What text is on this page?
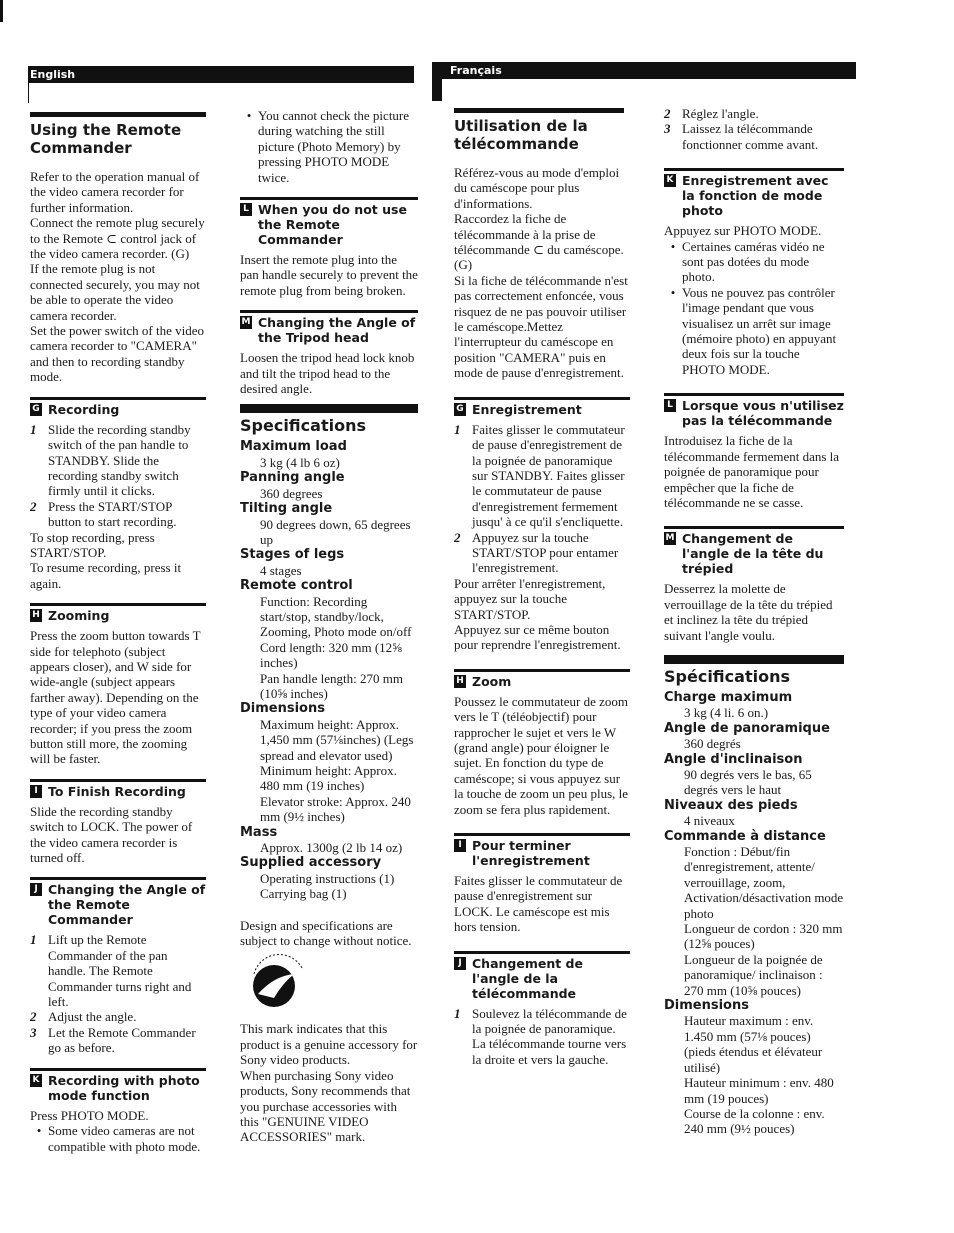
English	Français
Using the Remote Commander

Refer to the operation manual of the video camera recorder for further information.

Connect the remote plug securely to the Remote ⊂ control jack of the video camera recorder. (G)

If the remote plug is not connected securely, you may not be able to operate the video camera recorder.

Set the power switch of the video camera recorder to "CAMERA" and then to recording standby mode.

G Recording
1 Slide the recording standby switch of the pan handle to STANDBY. Slide the recording standby switch firmly until it clicks.

2 Press the START/STOP button to start recording.

To stop recording, press START/STOP.

To resume recording, press it again.

H Zooming

Press the zoom button towards T side for telephoto (subject appears closer), and W side for wide-angle (subject appears farther away). Depending on the type of your video camera recorder; if you press the zoom button still more, the zooming will be faster.

I To Finish Recording

Slide the recording standby switch to LOCK. The power of the video camera recorder is turned off.

J Changing the Angle of the Remote Commander
1 Lift up the Remote Commander of the pan handle. The Remote Commander turns right and left.

2 Adjust the angle.

3 Let the Remote Commander go as before.

K Recording with photo mode function

Press PHOTO MODE.

• Some video cameras are not compatible with photo mode.

• You cannot check the picture during watching the still picture (Photo Memory) by pressing PHOTO MODE twice.

L When you do not use the Remote Commander

Insert the remote plug into the pan handle securely to prevent the remote plug from being broken.

M Changing the Angle of the Tripod head

Loosen the tripod head lock knob and tilt the tripod head to the desired angle.

Specifications

Maximum load

3 kg (4 lb 6 oz)

Panning angle

360 degrees

Tilting angle

90 degrees down, 65 degrees up

Stages of legs

4 stages

Remote control

Function: Recording start/stop, standby/lock, Zooming, Photo mode on/off

Cord length: 320 mm (12⅝ inches)

Pan handle length: 270 mm (10⅝ inches)

Dimensions

Maximum height: Approx. 1,450 mm (57⅛inches) (Legs spread and elevator used)

Minimum height: Approx. 480 mm (19 inches)

Elevator stroke: Approx. 240 mm (9½ inches)

Mass

Approx. 1300g (2 lb 14 oz)

Supplied accessory

Operating instructions (1)

Carrying bag (1)

Design and specifications are subject to change without notice.

This mark indicates that this product is a genuine accessory for Sony video products.

When purchasing Sony video products, Sony recommends that you purchase accessories with this "GENUINE VIDEO ACCESSORIES" mark.

Utilisation de la télécommande

Référez-vous au mode d'emploi du caméscope pour plus d'informations.

Raccordez la fiche de télécommande à la prise de télécommande ⊂ du caméscope. (G)

Si la fiche de télécommande n'est pas correctement enfoncée, vous risquez de ne pas pouvoir utiliser le caméscope.Mettez l'interrupteur du caméscope en position "CAMERA" puis en mode de pause d'enregistrement.

G Enregistrement
1 Faites glisser le commutateur de pause d'enregistrement de la poignée de panoramique sur STANDBY. Faites glisser le commutateur de pause d'enregistrement fermement jusqu' à ce qu'il s'encliquette.

2 Appuyez sur la touche START/STOP pour entamer l'enregistrement.

Pour arrêter l'enregistrement, appuyez sur la touche START/STOP.

Appuyez sur ce même bouton pour reprendre l'enregistrement.

H Zoom

Poussez le commutateur de zoom vers le T (téléobjectif) pour rapprocher le sujet et vers le W (grand angle) pour éloigner le sujet. En fonction du type de caméscope; si vous appuyez sur la touche de zoom un peu plus, le zoom se fera plus rapidement.

I Pour terminer l'enregistrement

Faites glisser le commutateur de pause d'enregistrement sur LOCK. Le caméscope est mis hors tension.

J Changement de l'angle de la télécommande
1 Soulevez la télécommande de la poignée de panoramique. La télécommande tourne vers la droite et vers la gauche.

2 Réglez l'angle.

3 Laissez la télécommande fonctionner comme avant.

K Enregistrement avec la fonction de mode photo

Appuyez sur PHOTO MODE.

• Certaines caméras vidéo ne sont pas dotées du mode photo.

• Vous ne pouvez pas contrôler l'image pendant que vous visualisez un arrêt sur image (mémoire photo) en appuyant deux fois sur la touche PHOTO MODE.

L Lorsque vous n'utilisez pas la télécommande

Introduisez la fiche de la télécommande fermement dans la poignée de panoramique pour empêcher que la fiche de télécommande ne se casse.

M Changement de l'angle de la tête du trépied

Desserrez la molette de verrouillage de la tête du trépied et inclinez la tête du trépied suivant l'angle voulu.

Spécifications

Charge maximum

3 kg (4 li. 6 on.)

Angle de panoramique

360 degrés

Angle d'inclinaison

90 degrés vers le bas, 65 degrés vers le haut

Niveaux des pieds

4 niveaux

Commande à distance

Fonction : Début/fin d'enregistrement, attente/ verrouillage, zoom, Activation/désactivation mode photo

Longueur de cordon : 320 mm (12⅝ pouces)

Longueur de la poignée de panoramique/ inclinaison : 270 mm (10⅝ pouces)

Dimensions

Hauteur maximum : env. 1.450 mm (57⅛ pouces) (pieds étendus et élévateur utilisé)

Hauteur minimum : env. 480 mm (19 pouces)

Course de la colonne : env. 240 mm (9½ pouces)
